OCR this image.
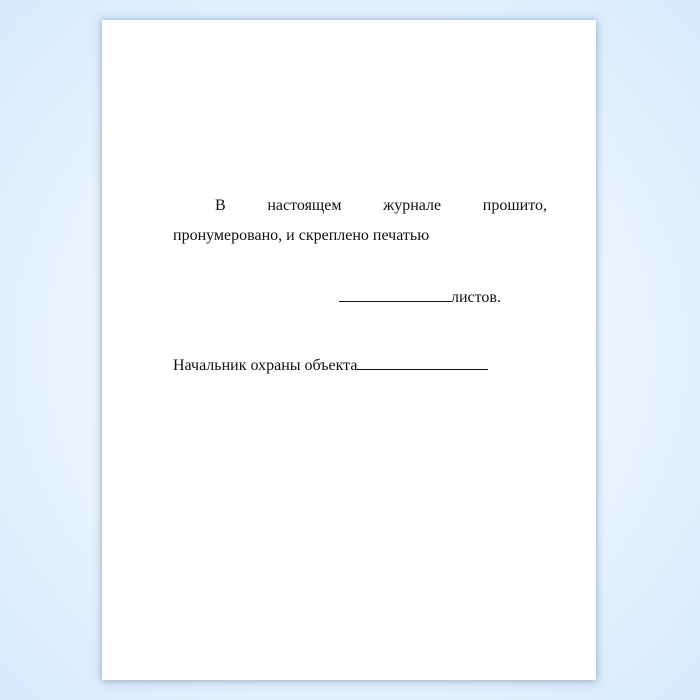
В	настоящем	журнале	прошито,
пронумеровано, и скреплено печатью
листов.
Начальник охраны объекта
